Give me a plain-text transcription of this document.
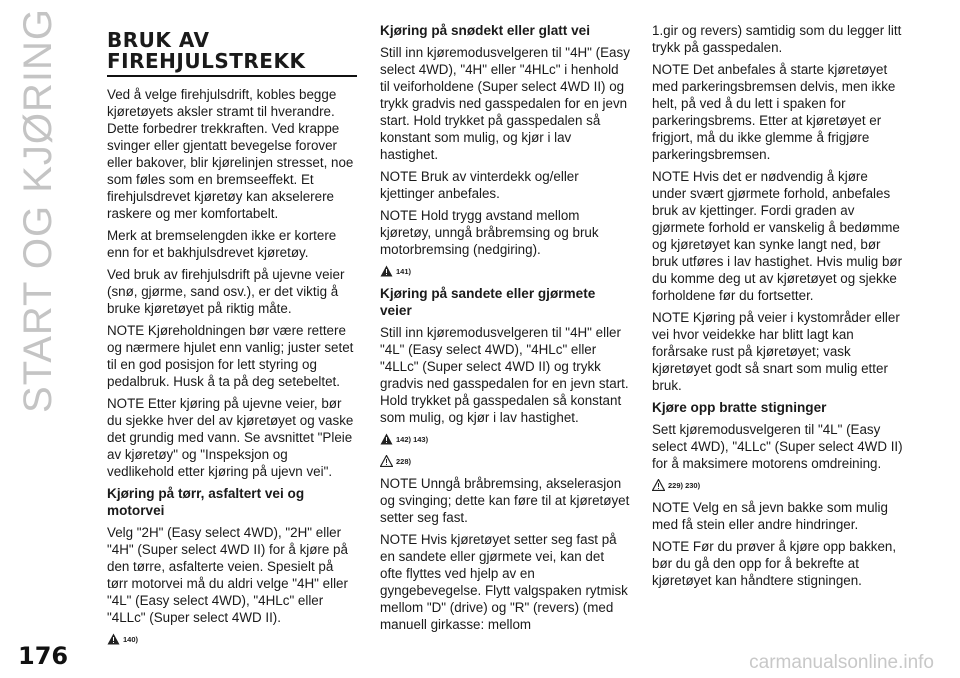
START OG KJØRING BRUK AV
FIREHJULSTREKK

Ved å velge firehjulsdrift, kobles begge kjøretøyets aksler stramt til hverandre. Dette forbedrer trekkraften. Ved krappe svinger eller gjentatt bevegelse forover eller bakover, blir kjørelinjen stresset, noe som føles som en bremseeffekt. Et firehjulsdrevet kjøretøy kan akselerere raskere og mer komfortabelt.

Merk at bremselengden ikke er kortere enn for et bakhjulsdrevet kjøretøy.

Ved bruk av firehjulsdrift på ujevne veier (snø, gjørme, sand osv.), er det viktig å bruke kjøretøyet på riktig måte.

NOTE Kjøreholdningen bør være rettere og nærmere hjulet enn vanlig; juster setet til en god posisjon for lett styring og pedalbruk. Husk å ta på deg setebeltet.

NOTE Etter kjøring på ujevne veier, bør du sjekke hver del av kjøretøyet og vaske det grundig med vann. Se avsnittet "Pleie av kjøretøy" og "Inspeksjon og vedlikehold etter kjøring på ujevn vei".

Kjøring på tørr, asfaltert vei og motorvei

Velg "2H" (Easy select 4WD), "2H" eller "4H" (Super select 4WD II) for å kjøre på den tørre, asfalterte veien. Spesielt på tørr motorvei må du aldri velge "4H" eller "4L" (Easy select 4WD), "4HLc" eller "4LLc" (Super select 4WD II).

140)
Kjøring på snødekt eller glatt vei

Still inn kjøremodusvelgeren til "4H" (Easy select 4WD), "4H" eller "4HLc" i henhold til veiforholdene (Super select 4WD II) og trykk gradvis ned gasspedalen for en jevn start. Hold trykket på gasspedalen så konstant som mulig, og kjør i lav hastighet.

NOTE Bruk av vinterdekk og/eller kjettinger anbefales.

NOTE Hold trygg avstand mellom kjøretøy, unngå bråbremsing og bruk motorbremsing (nedgiring).

141)
Kjøring på sandete eller gjørmete veier

Still inn kjøremodusvelgeren til "4H" eller "4L" (Easy select 4WD), "4HLc" eller "4LLc" (Super select 4WD II) og trykk gradvis ned gasspedalen for en jevn start. Hold trykket på gasspedalen så konstant som mulig, og kjør i lav hastighet.

142) 143)
228)

NOTE Unngå bråbremsing, akselerasjon og svinging; dette kan føre til at kjøretøyet setter seg fast.

NOTE Hvis kjøretøyet setter seg fast på en sandete eller gjørmete vei, kan det ofte flyttes ved hjelp av en gyngebevegelse. Flytt valgspaken rytmisk mellom "D" (drive) og "R" (revers) (med manuell girkasse: mellom

1.gir og revers) samtidig som du legger litt trykk på gasspedalen.

NOTE Det anbefales å starte kjøretøyet med parkeringsbremsen delvis, men ikke helt, på ved å du lett i spaken for parkeringsbrems. Etter at kjøretøyet er frigjort, må du ikke glemme å frigjøre parkeringsbremsen.

NOTE Hvis det er nødvendig å kjøre under svært gjørmete forhold, anbefales bruk av kjettinger. Fordi graden av gjørmete forhold er vanskelig å bedømme og kjøretøyet kan synke langt ned, bør bruk utføres i lav hastighet. Hvis mulig bør du komme deg ut av kjøretøyet og sjekke forholdene før du fortsetter.

NOTE Kjøring på veier i kystområder eller vei hvor veidekke har blitt lagt kan forårsake rust på kjøretøyet; vask kjøretøyet godt så snart som mulig etter bruk.

Kjøre opp bratte stigninger

Sett kjøremodusvelgeren til "4L" (Easy select 4WD), "4LLc" (Super select 4WD II) for å maksimere motorens omdreining.

229) 230)

NOTE Velg en så jevn bakke som mulig med få stein eller andre hindringer.

NOTE Før du prøver å kjøre opp bakken, bør du gå den opp for å bekrefte at kjøretøyet kan håndtere stigningen.

176	carmanualsonline.info
